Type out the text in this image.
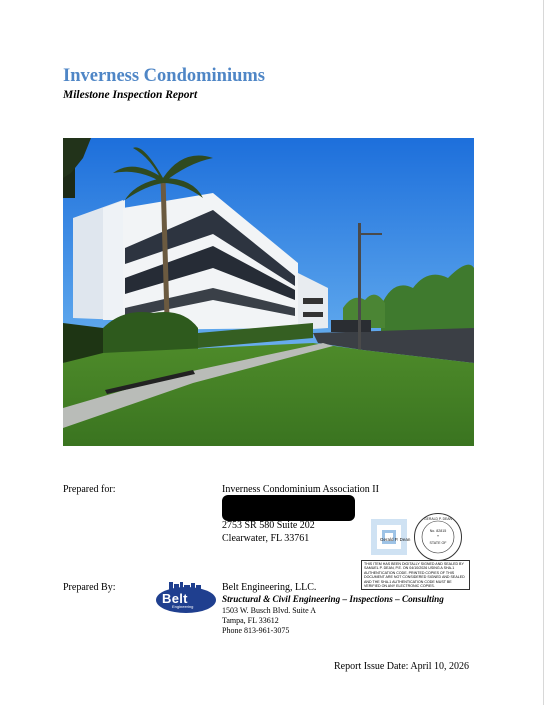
Inverness Condominiums
Milestone Inspection Report
Prepared for:	Inverness Condominium Association II
2753 SR 580 Suite 202
Clearwater, FL 33761	Gerald P. Dean
GERALD P. DEAN
No. 82815
*
STATE OF
THIS ITEM HAS BEEN DIGITALLY SIGNED AND SEALED BY SAMUEL P. DEAN, P.E. ON 04/10/2026 USING A SHA-1 AUTHENTICATION CODE. PRINTED COPIES OF THIS DOCUMENT ARE NOT CONSIDERED SIGNED AND SEALED AND THE SHA-1 AUTHENTICATION CODE MUST BE VERIFIED ON ANY ELECTRONIC COPIES.
Prepared By:
Belt
Engineering
Belt Engineering, LLC.
Structural & Civil Engineering – Inspections – Consulting
1503 W. Busch Blvd. Suite A
Tampa, FL 33612
Phone 813-961-3075
Report Issue Date: April 10, 2026
